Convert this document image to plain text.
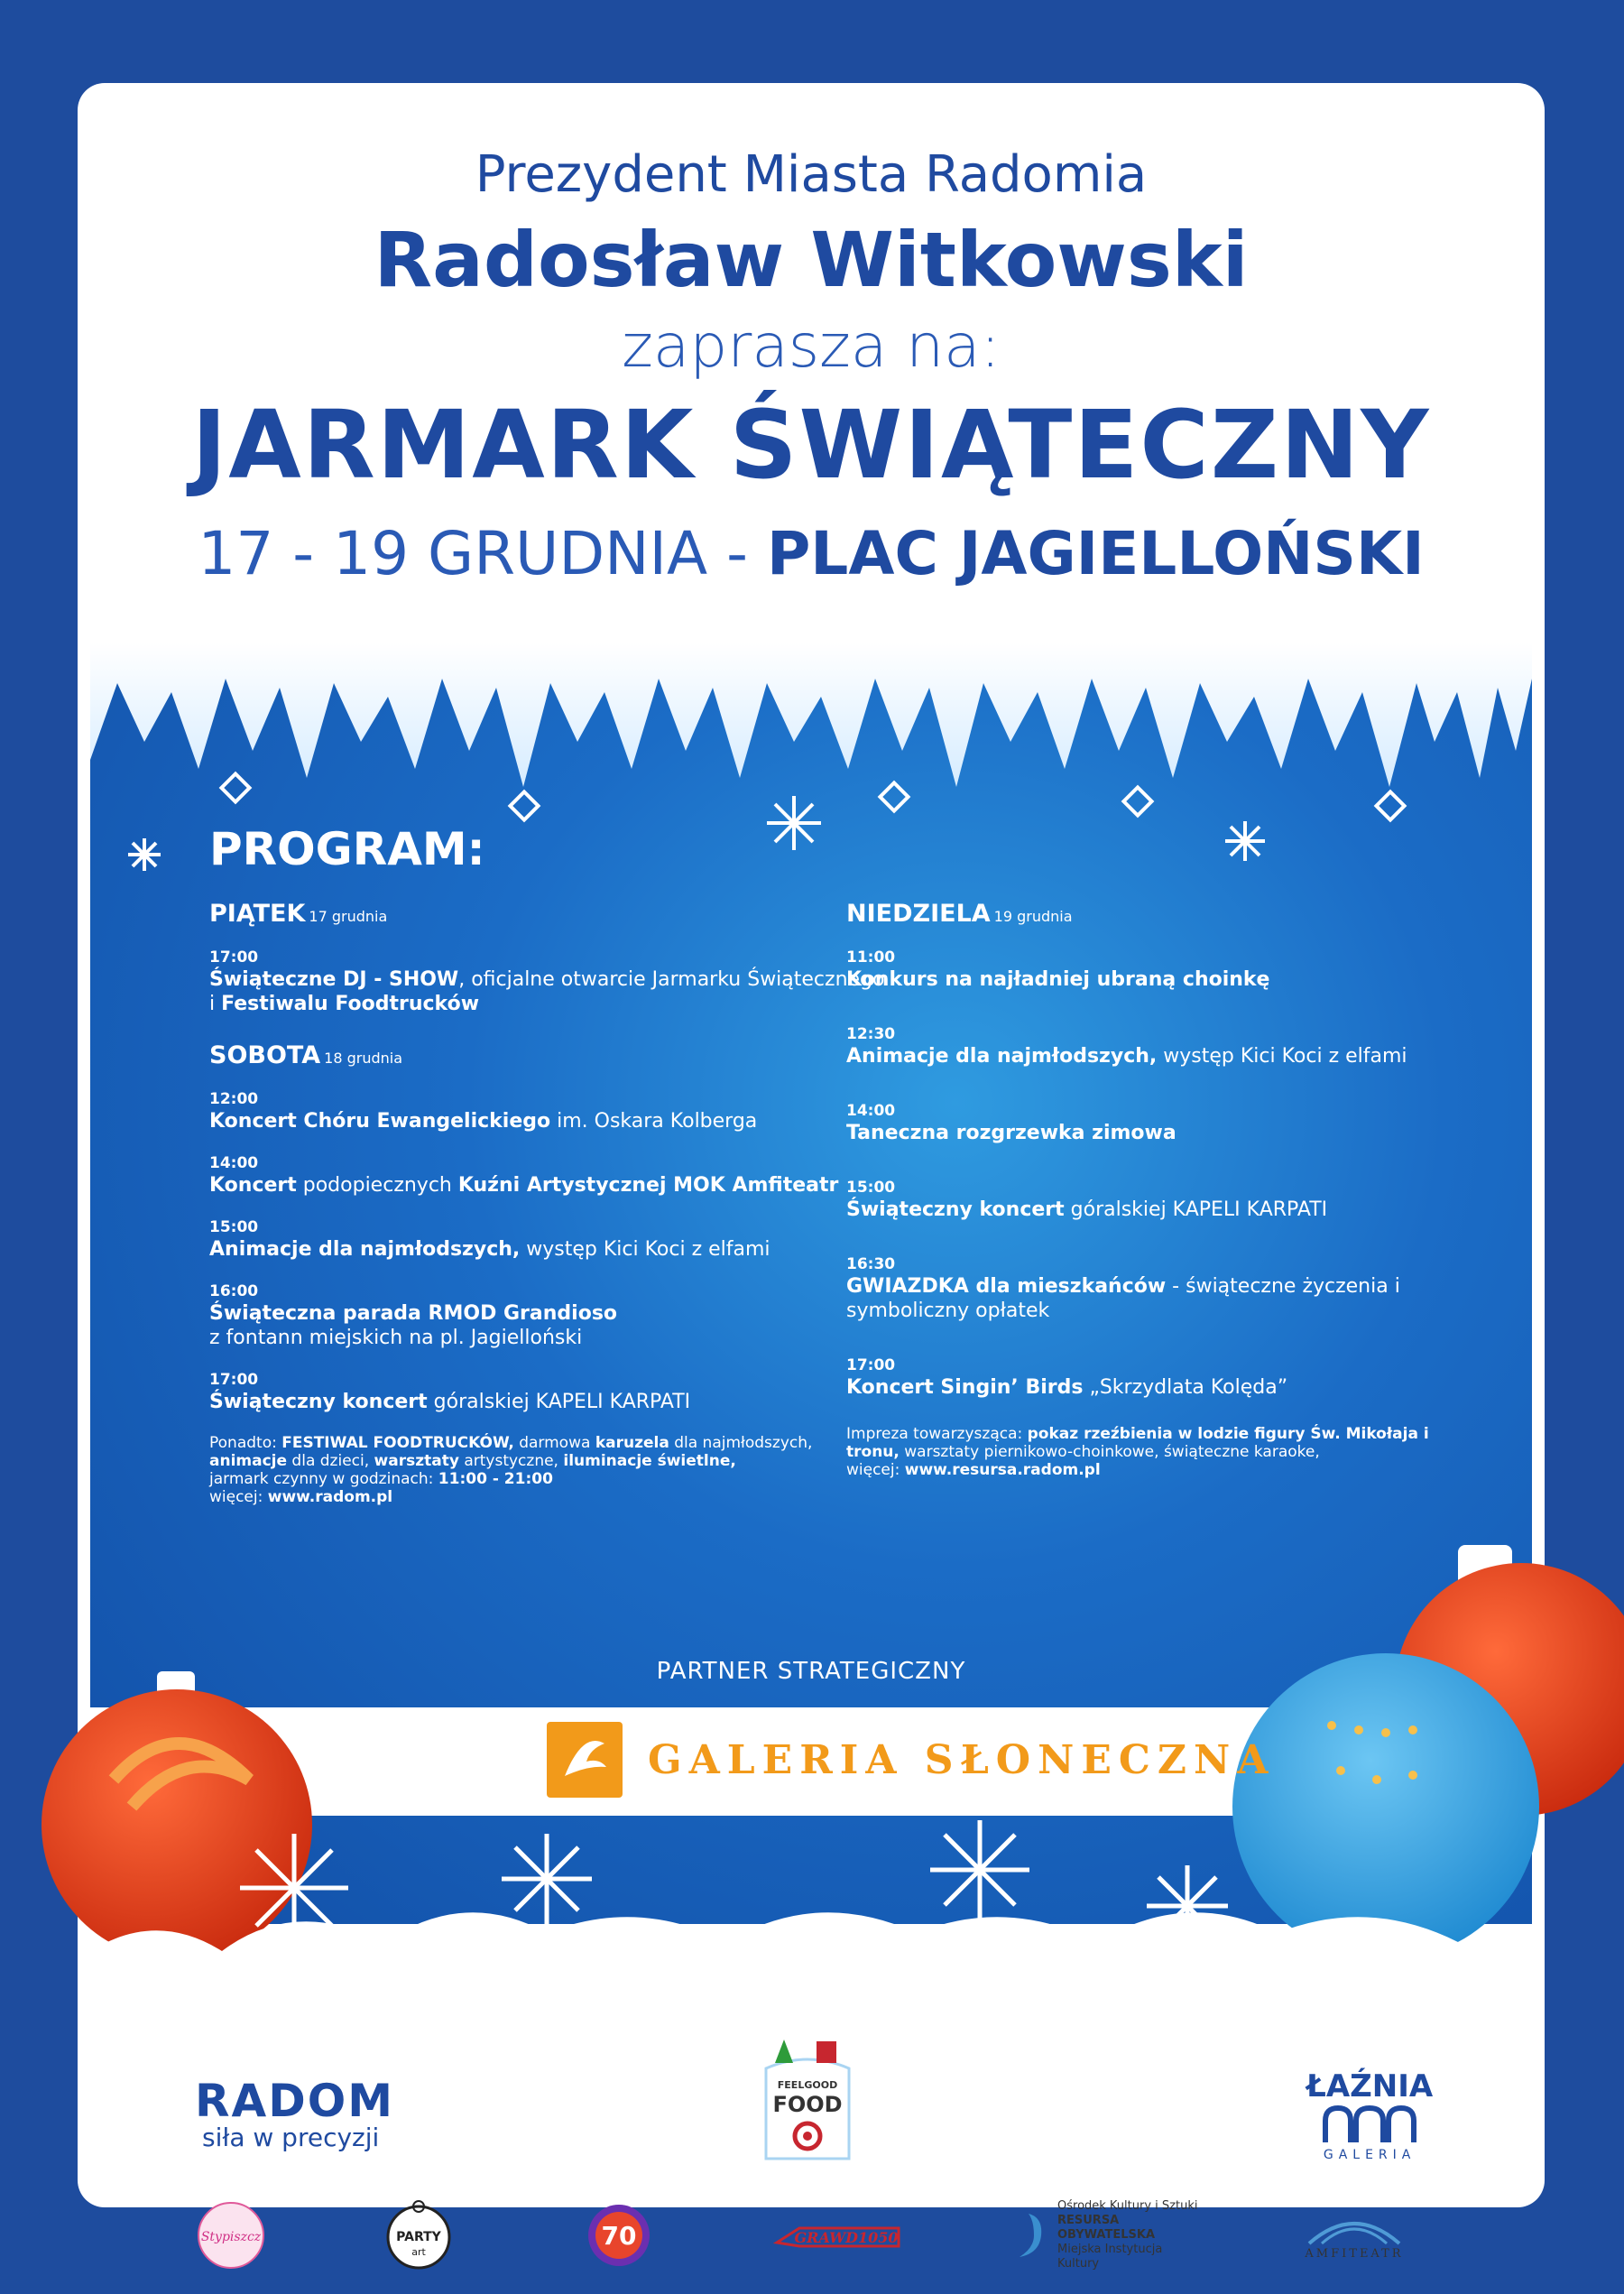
Prezydent Miasta Radomia
Radosław Witkowski
zaprasza na:
JARMARK ŚWIĄTECZNY
17 - 19 GRUDNIA - PLAC JAGIELLOŃSKI
PROGRAM:
PIĄTEK 17 grudnia
17:00
Świąteczne DJ - SHOW, oficjalne otwarcie Jarmarku Świątecznego i Festiwalu Foodtrucków
SOBOTA 18 grudnia
12:00
Koncert Chóru Ewangelickiego im. Oskara Kolberga
14:00
Koncert podopiecznych Kuźni Artystycznej MOK Amfiteatr
15:00
Animacje dla najmłodszych, występ Kici Koci z elfami
16:00
Świąteczna parada RMOD Grandioso
z fontann miejskich na pl. Jagielloński
17:00
Świąteczny koncert góralskiej KAPELI KARPATI
Ponadto: FESTIWAL FOODTRUCKÓW, darmowa karuzela dla najmłodszych,
animacje dla dzieci, warsztaty artystyczne, iluminacje świetlne,
jarmark czynny w godzinach: 11:00 - 21:00
więcej: www.radom.pl
NIEDZIELA 19 grudnia
11:00
Konkurs na najładniej ubraną choinkę
12:30
Animacje dla najmłodszych, występ Kici Koci z elfami
14:00
Taneczna rozgrzewka zimowa
15:00
Świąteczny koncert góralskiej KAPELI KARPATI
16:30
GWIAZDKA dla mieszkańców - świąteczne życzenia i symboliczny opłatek
17:00
Koncert Singin’ Birds „Skrzydlata Kolęda”
Impreza towarzysząca: pokaz rzeźbienia w lodzie figury Św. Mikołaja i tronu, warsztaty piernikowo-choinkowe, świąteczne karaoke,
więcej: www.resursa.radom.pl
PARTNER STRATEGICZNY
GALERIA SŁONECZNA
RADOM
siła w precyzji
FEELGOOD
FOOD	ŁAŹNIA
GALERIA
Stypiszcz	PARTY
art
70	GRAWD1050
Ośrodek Kultury i Sztuki
RESURSA OBYWATELSKA
Miejska Instytucja Kultury
AMFITEATR
